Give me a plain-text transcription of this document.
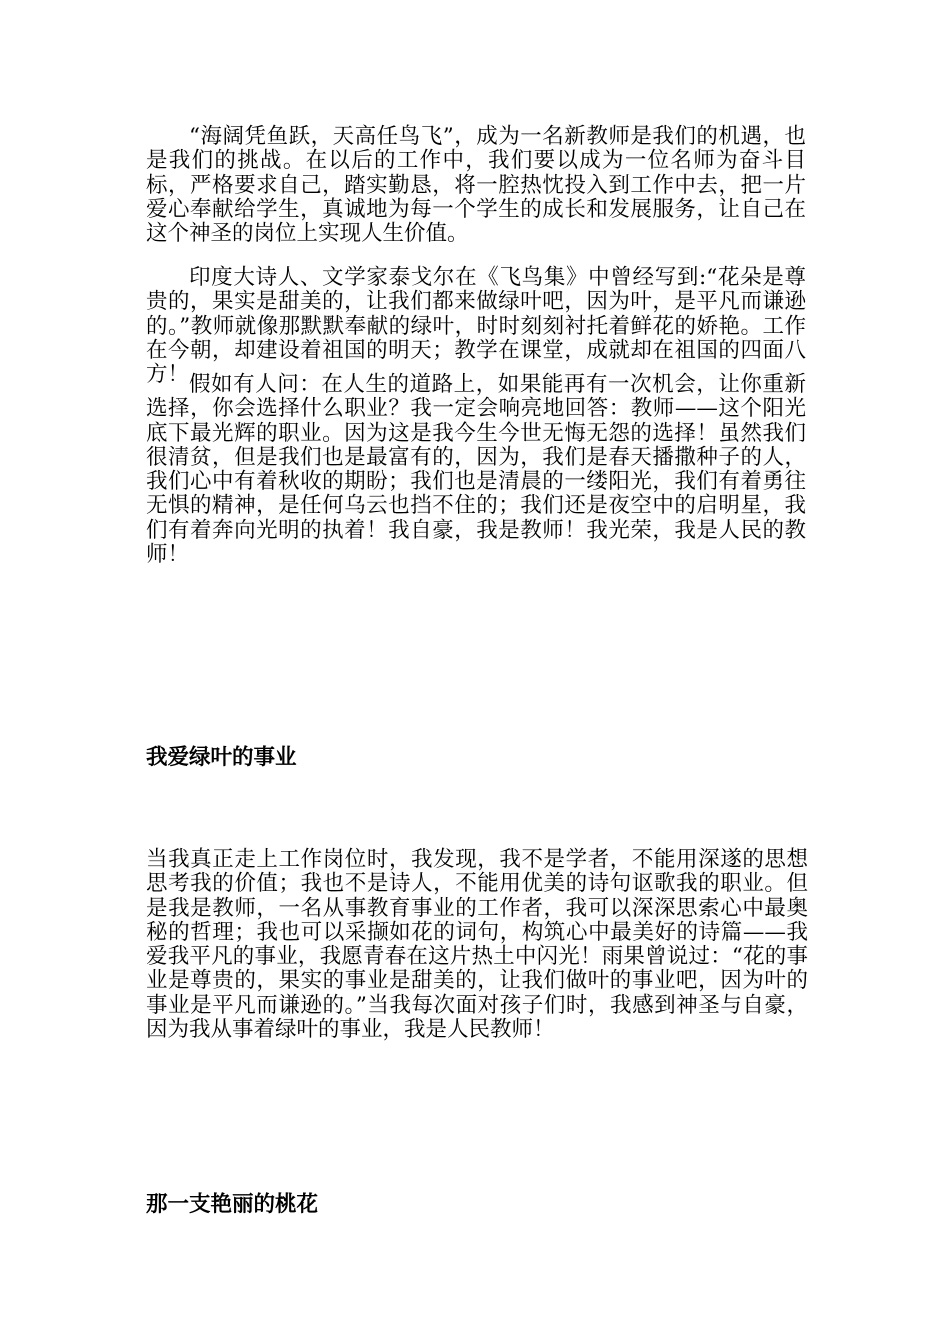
“海阔凭鱼跃，天高任鸟飞”，成为一名新教师是我们的机遇，也是我们的挑战。在以后的工作中，我们要以成为一位名师为奋斗目标，严格要求自己，踏实勤恳，将一腔热忱投入到工作中去，把一片爱心奉献给学生，真诚地为每一个学生的成长和发展服务，让自己在这个神圣的岗位上实现人生价值。

印度大诗人、文学家泰戈尔在《飞鸟集》中曾经写到:“花朵是尊贵的，果实是甜美的，让我们都来做绿叶吧，因为叶，是平凡而谦逊的。”教师就像那默默奉献的绿叶，时时刻刻衬托着鲜花的娇艳。工作在今朝，却建设着祖国的明天；教学在课堂，成就却在祖国的四面八方！ 假如有人问：在人生的道路上，如果能再有一次机会，让你重新选择，你会选择什么职业？我一定会响亮地回答：教师——这个阳光底下最光辉的职业。因为这是我今生今世无悔无怨的选择！虽然我们很清贫，但是我们也是最富有的，因为，我们是春天播撒种子的人，我们心中有着秋收的期盼；我们也是清晨的一缕阳光，我们有着勇往无惧的精神，是任何乌云也挡不住的；我们还是夜空中的启明星，我们有着奔向光明的执着！我自豪，我是教师！我光荣，我是人民的教师！

我爱绿叶的事业

当我真正走上工作岗位时，我发现，我不是学者，不能用深遂的思想思考我的价值；我也不是诗人，不能用优美的诗句讴歌我的职业。但是我是教师，一名从事教育事业的工作者，我可以深深思索心中最奥秘的哲理；我也可以采撷如花的词句，构筑心中最美好的诗篇——我爱我平凡的事业，我愿青春在这片热土中闪光！雨果曾说过：“花的事业是尊贵的，果实的事业是甜美的，让我们做叶的事业吧，因为叶的事业是平凡而谦逊的。”当我每次面对孩子们时，我感到神圣与自豪，因为我从事着绿叶的事业，我是人民教师！

那一支艳丽的桃花
